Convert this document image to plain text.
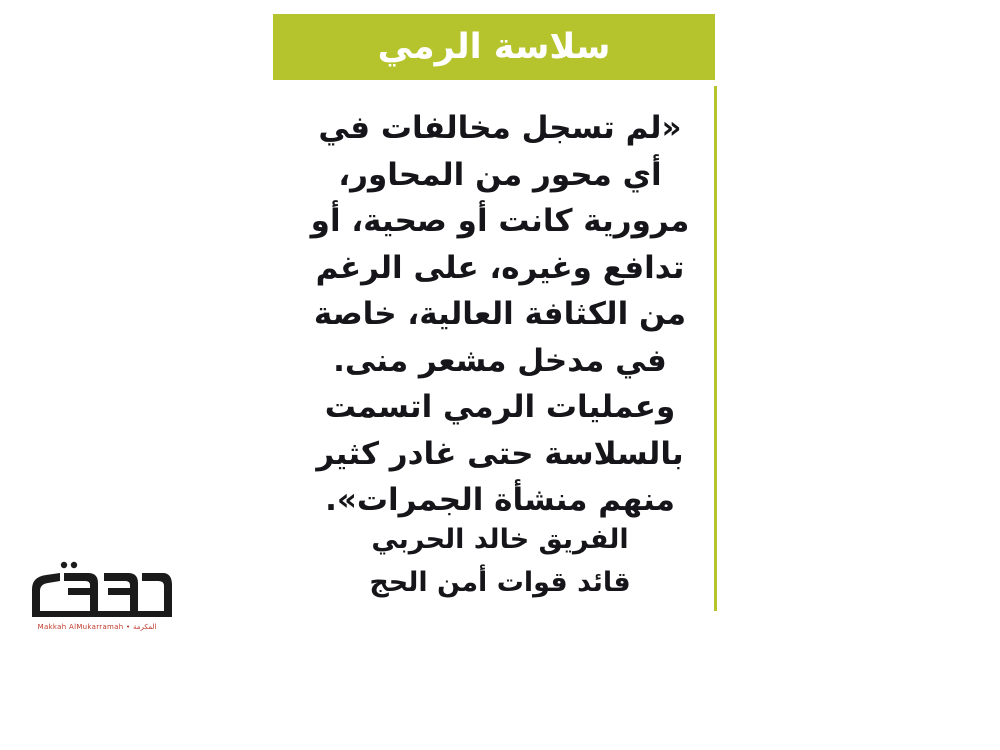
سلاسة الرمي

«لم تسجل مخالفات في أي محور من المحاور، مرورية كانت أو صحية، أو تدافع وغيره، على الرغم من الكثافة العالية، خاصة في مدخل مشعر منى. وعمليات الرمي اتسمت بالسلاسة حتى غادر كثير منهم منشأة الجمرات».

الفريق خالد الحربي

قائد قوات أمن الحج

Makkah AlMukarramah • المكرمة
